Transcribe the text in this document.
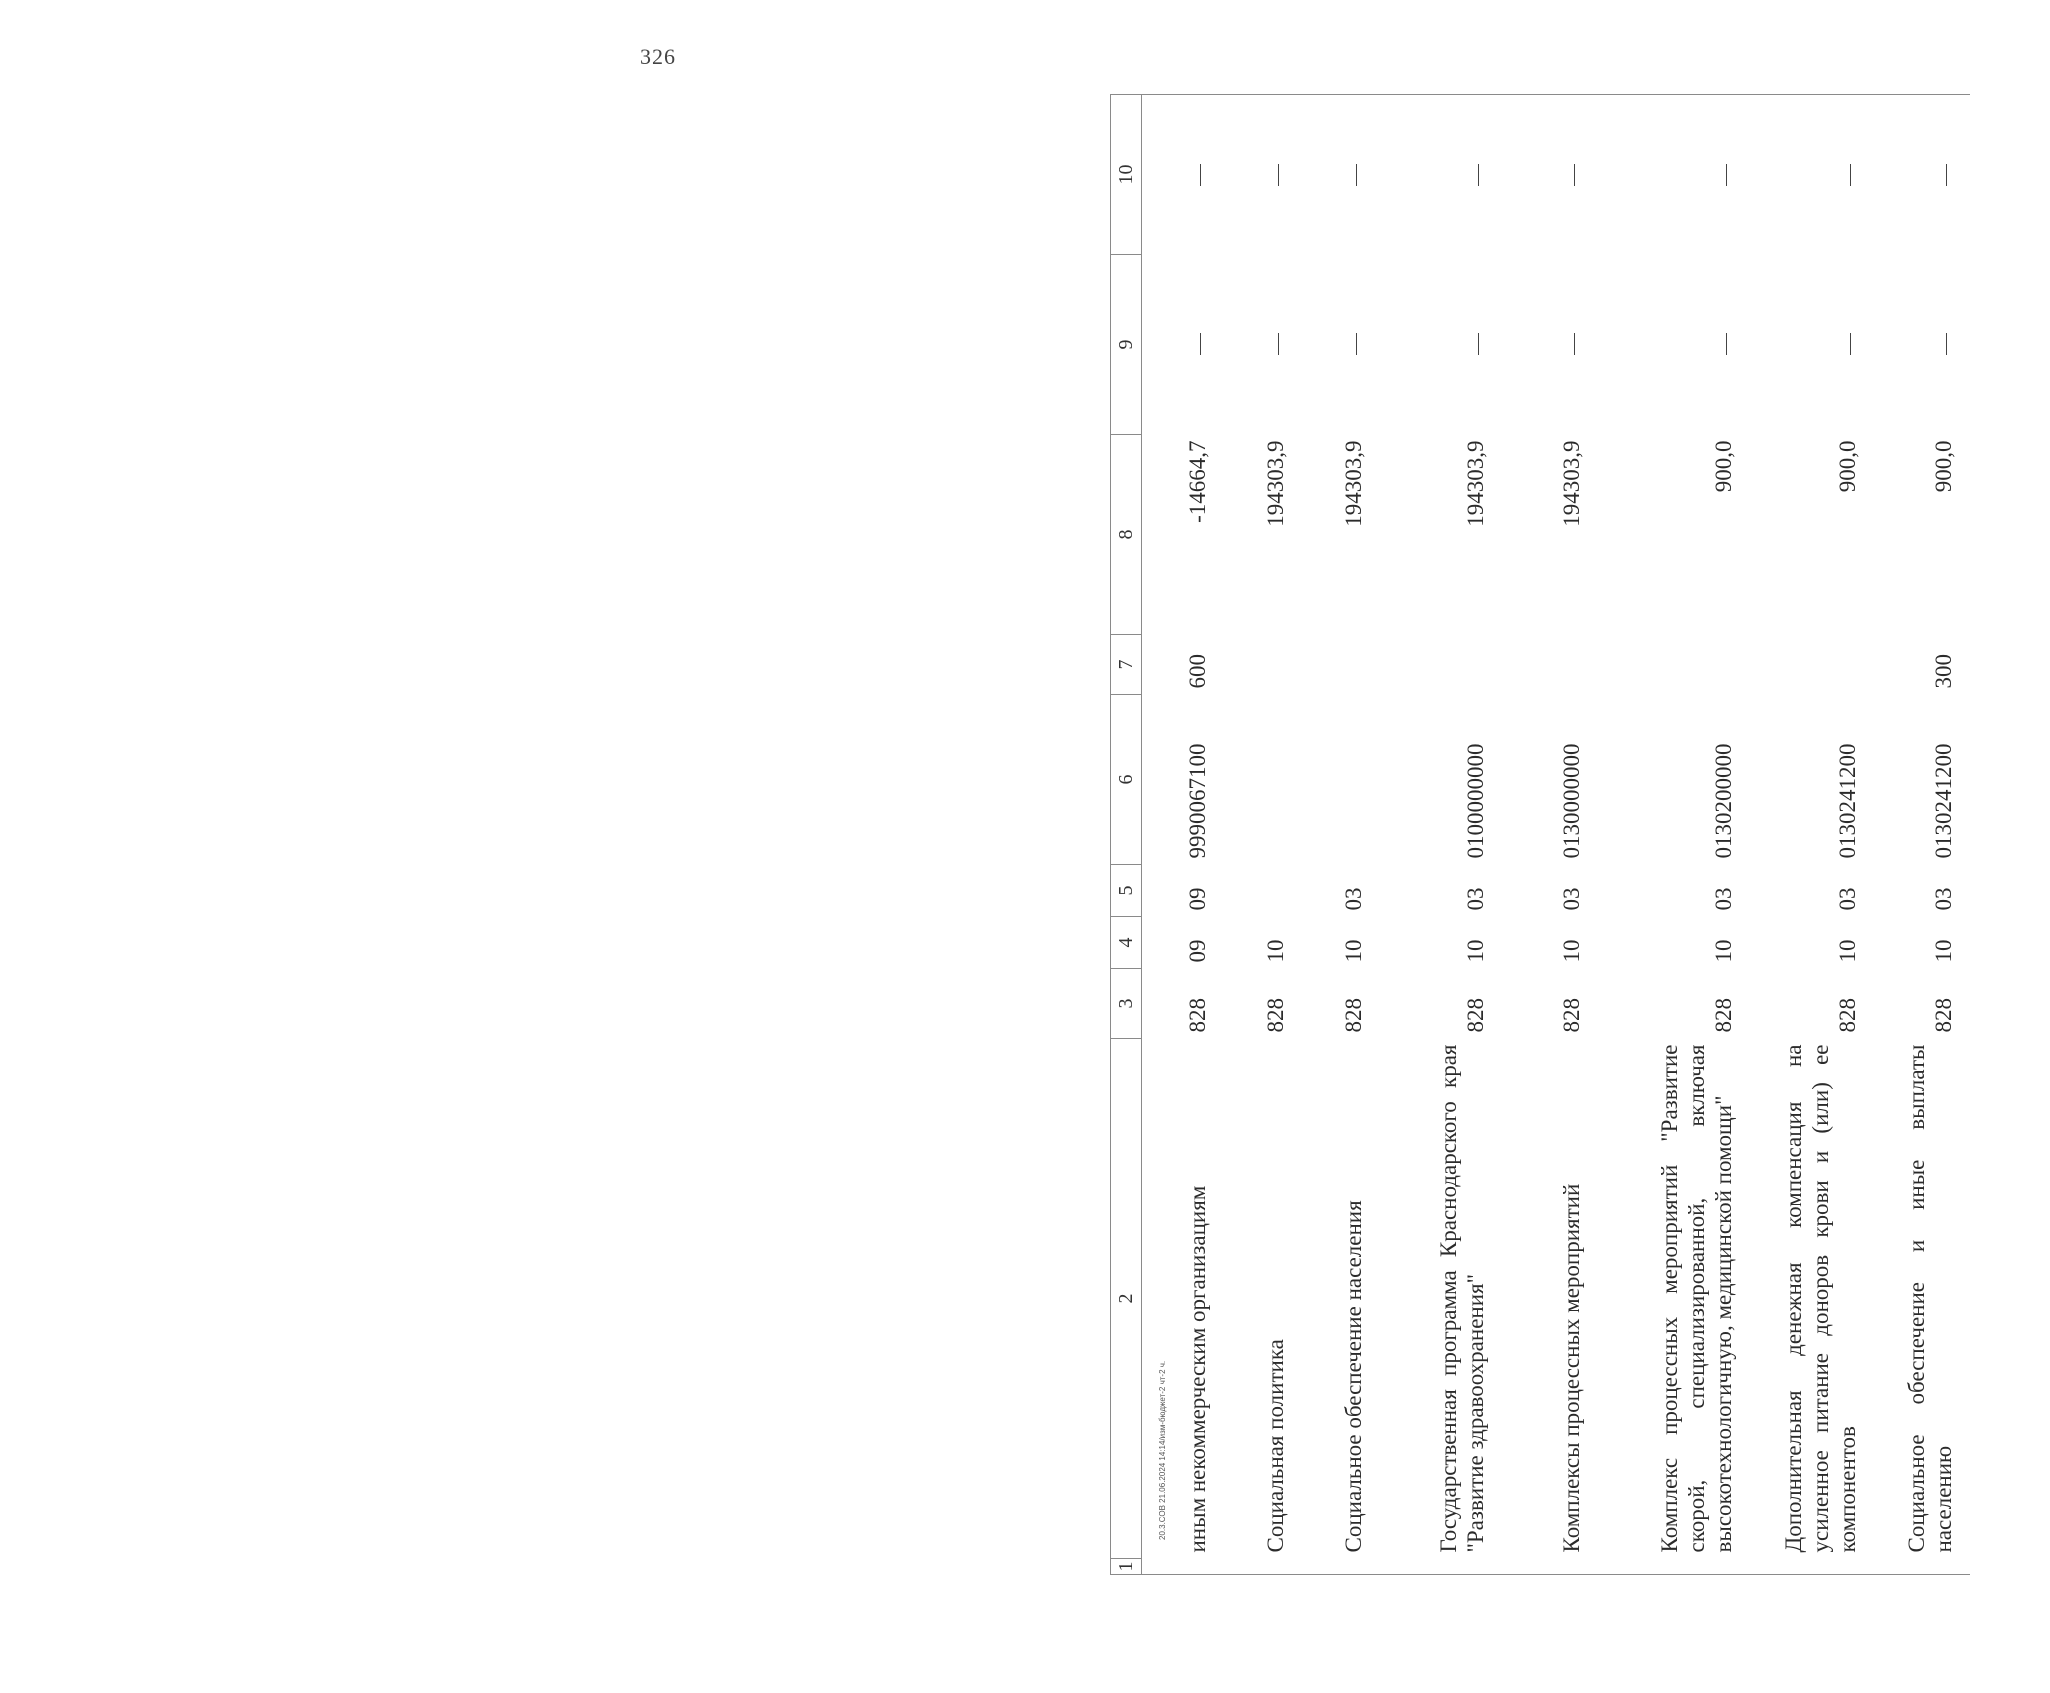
326
20.3.СОВ 21.06.2024 14:14/изм-бюджет-2 чт-2 ч.
1	2	3	4	5	6	7	8	9	10
	иным некоммерческим организациям	828	09	09	9990067100	600	-14664,7		
	Социальная политика	828	10				194303,9		
	Социальное обеспечение населения	828	10	03			194303,9		
	Государственная программа Краснодарского края "Развитие здравоохранения"	828	10	03	0100000000		194303,9		
	Комплексы процессных мероприятий	828	10	03	0130000000		194303,9		
	Комплекс процессных мероприятий "Развитие скорой, специализированной, включая высокотехнологичную, медицинской помощи"	828	10	03	0130200000		900,0		
	Дополнительная денежная компенсация на усиленное питание доноров крови и (или) ее компонентов	828	10	03	0130241200		900,0		
	Социальное обеспечение и иные выплаты населению	828	10	03	0130241200	300	900,0		
